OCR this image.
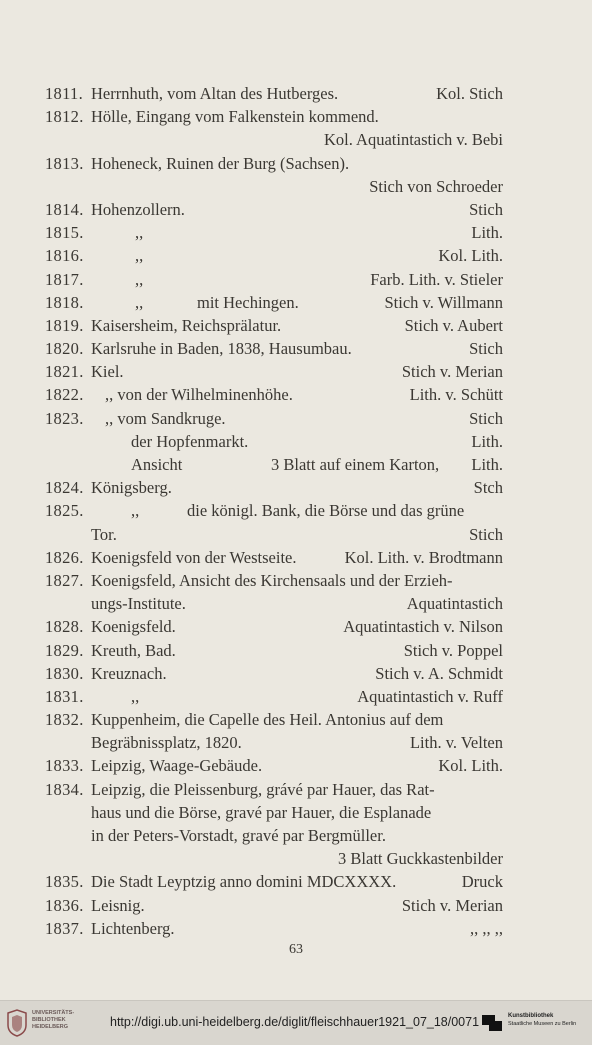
1811. Herrnhuth, vom Altan des Hutberges.	Kol. Stich
1812. Hölle, Eingang vom Falkenstein kommend.
Kol. Aquatintastich v. Bebi
1813. Hoheneck, Ruinen der Burg (Sachsen).
Stich von Schroeder
1814. Hohenzollern.	Stich
1815.	,,	Lith.
1816.	,,	Kol. Lith.
1817.	,,	Farb. Lith. v. Stieler
1818.	,,	mit Hechingen.	Stich v. Willmann
1819. Kaisersheim, Reichsprälatur.	Stich v. Aubert
1820. Karlsruhe in Baden, 1838, Hausumbau.	Stich
1821. Kiel.	Stich v. Merian
1822. ,, von der Wilhelminenhöhe.	Lith. v. Schütt
1823. ,, vom Sandkruge.	Stich
der Hopfenmarkt.	Lith.
Ansicht	3 Blatt auf einem Karton, Lith.
1824. Königsberg.	Stch
1825.	,,	die königl. Bank, die Börse und das grüne
Tor.	Stich
1826. Koenigsfeld von der Westseite.	Kol. Lith. v. Brodtmann
1827. Koenigsfeld, Ansicht des Kirchensaals und der Erzieh-
ungs-Institute.	Aquatintastich
1828. Koenigsfeld.	Aquatintastich v. Nilson
1829. Kreuth, Bad.	Stich v. Poppel
1830. Kreuznach.	Stich v. A. Schmidt
1831.	,,	Aquatintastich v. Ruff
1832. Kuppenheim, die Capelle des Heil. Antonius auf dem
Begräbnissplatz, 1820.	Lith. v. Velten
1833. Leipzig, Waage-Gebäude.	Kol. Lith.
1834. Leipzig, die Pleissenburg, grávé par Hauer, das Rat-
haus und die Börse, gravé par Hauer, die Esplanade
in der Peters-Vorstadt, gravé par Bergmüller.
3 Blatt Guckkastenbilder
1835. Die Stadt Leyptzig anno domini MDCXXXX.	Druck
1836. Leisnig.	Stich v. Merian
1837. Lichtenberg.	,, ,, ,,
63
UNIVERSITÄTS-BIBLIOTHEK HEIDELBERG	http://digi.ub.uni-heidelberg.de/diglit/fleischhauer1921_07_18/0071	Kunstbibliothek
Staatliche Museen zu Berlin
